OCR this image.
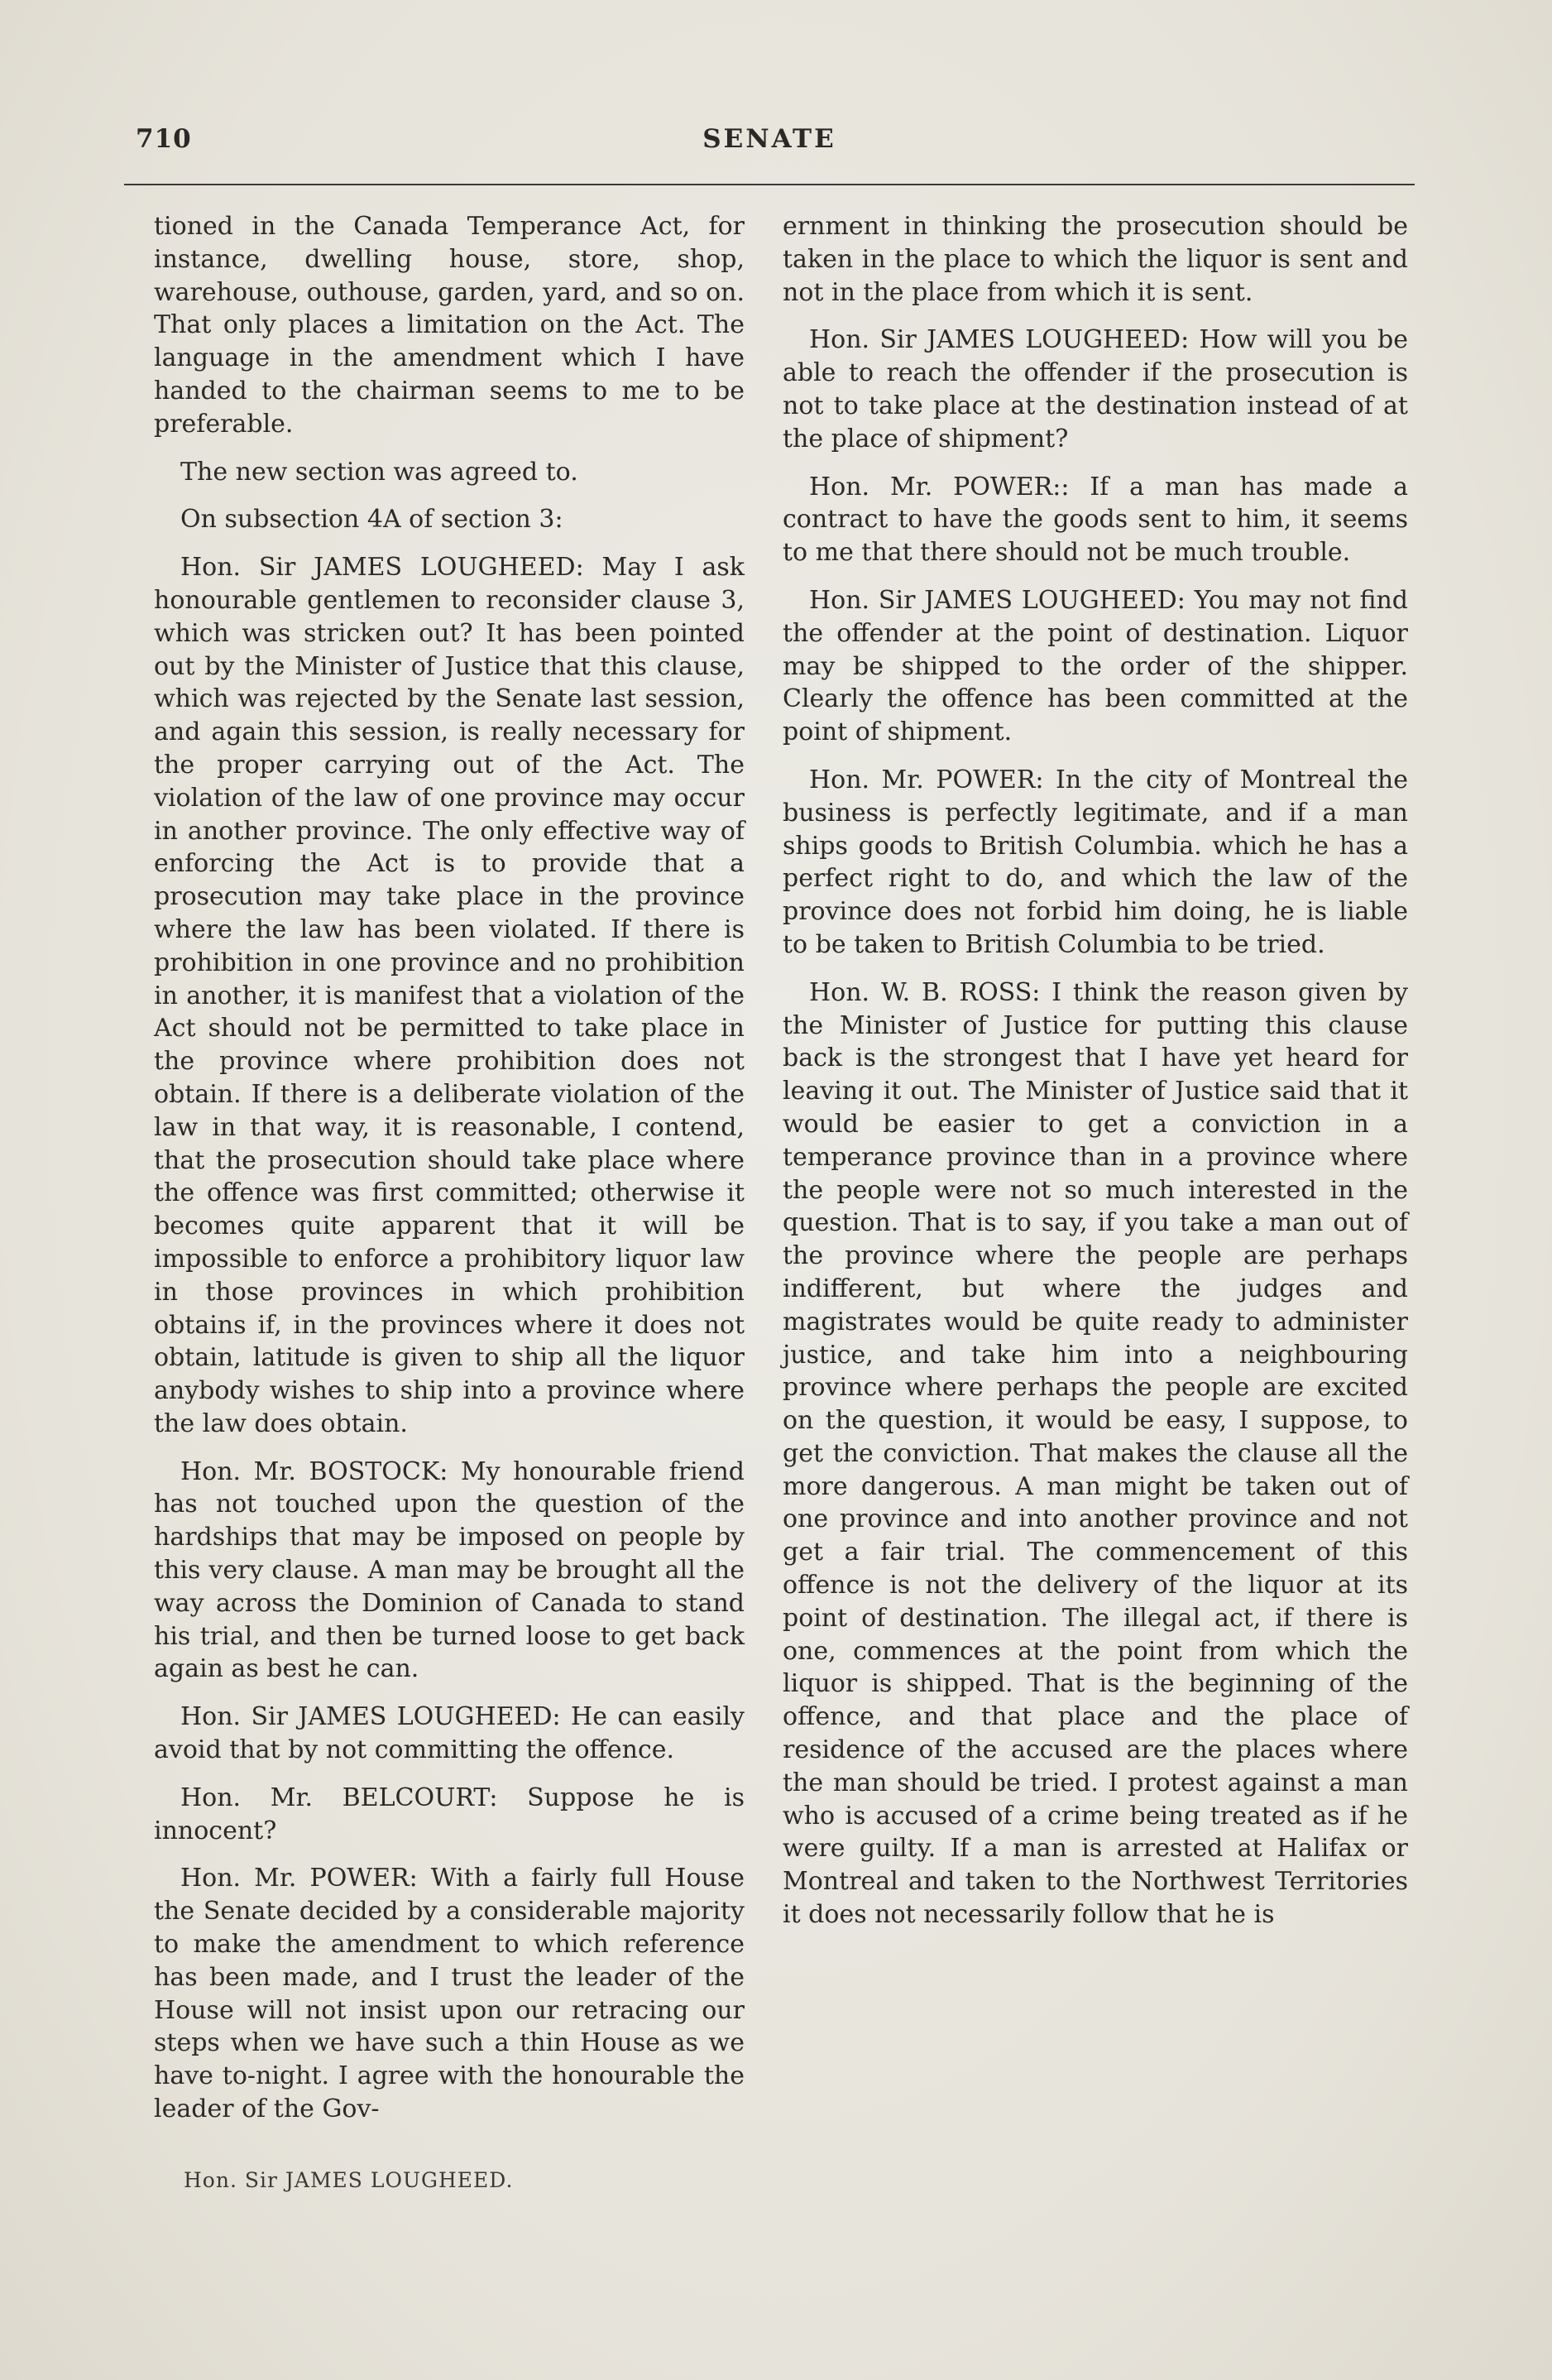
710	SENATE

tioned in the Canada Temperance Act, for instance, dwelling house, store, shop, warehouse, outhouse, garden, yard, and so on. That only places a limitation on the Act. The language in the amendment which I have handed to the chairman seems to me to be preferable.

The new section was agreed to.

On subsection 4A of section 3:

Hon. Sir JAMES LOUGHEED: May I ask honourable gentlemen to reconsider clause 3, which was stricken out? It has been pointed out by the Minister of Justice that this clause, which was rejected by the Senate last session, and again this session, is really necessary for the proper carrying out of the Act. The violation of the law of one province may occur in another province. The only effective way of enforcing the Act is to provide that a prosecution may take place in the province where the law has been violated. If there is prohibition in one province and no prohibition in another, it is manifest that a violation of the Act should not be permitted to take place in the province where prohibition does not obtain. If there is a deliberate violation of the law in that way, it is reasonable, I contend, that the prosecution should take place where the offence was first committed; otherwise it becomes quite apparent that it will be impossible to enforce a prohibitory liquor law in those provinces in which prohibition obtains if, in the provinces where it does not obtain, latitude is given to ship all the liquor anybody wishes to ship into a province where the law does obtain.

Hon. Mr. BOSTOCK: My honourable friend has not touched upon the question of the hardships that may be imposed on people by this very clause. A man may be brought all the way across the Dominion of Canada to stand his trial, and then be turned loose to get back again as best he can.

Hon. Sir JAMES LOUGHEED: He can easily avoid that by not committing the offence.

Hon. Mr. BELCOURT: Suppose he is innocent?

Hon. Mr. POWER: With a fairly full House the Senate decided by a considerable majority to make the amendment to which reference has been made, and I trust the leader of the House will not insist upon our retracing our steps when we have such a thin House as we have to-night. I agree with the honourable the leader of the Gov-

ernment in thinking the prosecution should be taken in the place to which the liquor is sent and not in the place from which it is sent.

Hon. Sir JAMES LOUGHEED: How will you be able to reach the offender if the prosecution is not to take place at the destination instead of at the place of shipment?

Hon. Mr. POWER:: If a man has made a contract to have the goods sent to him, it seems to me that there should not be much trouble.

Hon. Sir JAMES LOUGHEED: You may not find the offender at the point of destination. Liquor may be shipped to the order of the shipper. Clearly the offence has been committed at the point of shipment.

Hon. Mr. POWER: In the city of Montreal the business is perfectly legitimate, and if a man ships goods to British Columbia. which he has a perfect right to do, and which the law of the province does not forbid him doing, he is liable to be taken to British Columbia to be tried.

Hon. W. B. ROSS: I think the reason given by the Minister of Justice for putting this clause back is the strongest that I have yet heard for leaving it out. The Minister of Justice said that it would be easier to get a conviction in a temperance province than in a province where the people were not so much interested in the question. That is to say, if you take a man out of the province where the people are perhaps indifferent, but where the judges and magistrates would be quite ready to administer justice, and take him into a neighbouring province where perhaps the people are excited on the question, it would be easy, I suppose, to get the conviction. That makes the clause all the more dangerous. A man might be taken out of one province and into another province and not get a fair trial. The commencement of this offence is not the delivery of the liquor at its point of destination. The illegal act, if there is one, commences at the point from which the liquor is shipped. That is the beginning of the offence, and that place and the place of residence of the accused are the places where the man should be tried. I protest against a man who is accused of a crime being treated as if he were guilty. If a man is arrested at Halifax or Montreal and taken to the Northwest Territories it does not necessarily follow that he is

Hon. Sir JAMES LOUGHEED.
